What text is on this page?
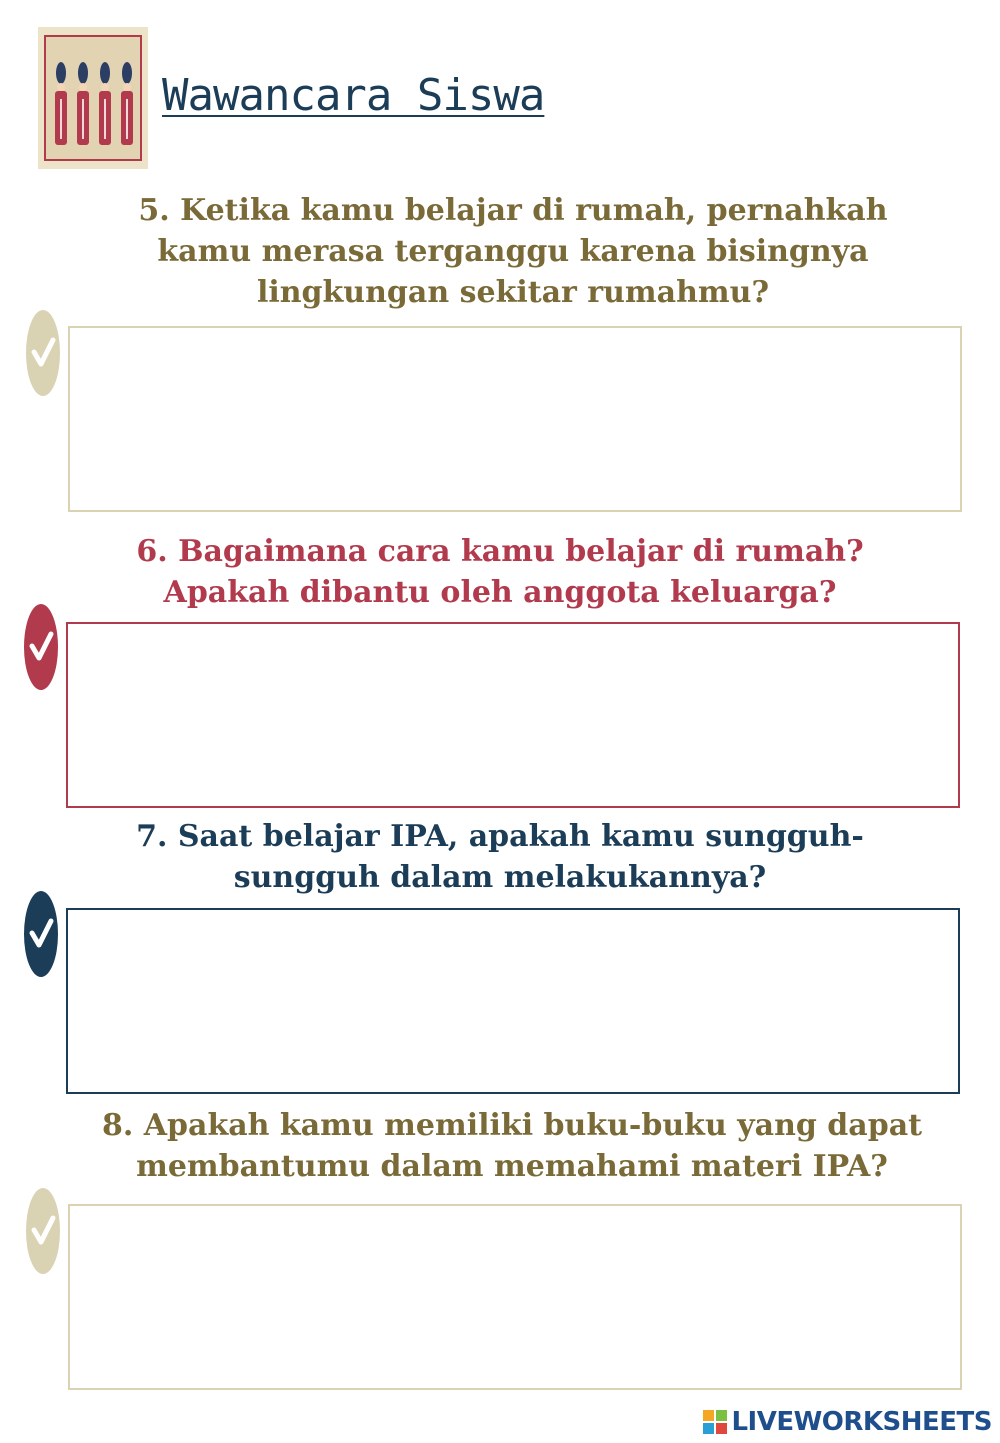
Wawancara Siswa

5. Ketika kamu belajar di rumah, pernahkah kamu merasa terganggu karena bisingnya lingkungan sekitar rumahmu?

6. Bagaimana cara kamu belajar di rumah? Apakah dibantu oleh anggota keluarga?

7. Saat belajar IPA, apakah kamu sungguh-sungguh dalam melakukannya?

8. Apakah kamu memiliki buku-buku yang dapat membantumu dalam memahami materi IPA?

LIVEWORKSHEETS
